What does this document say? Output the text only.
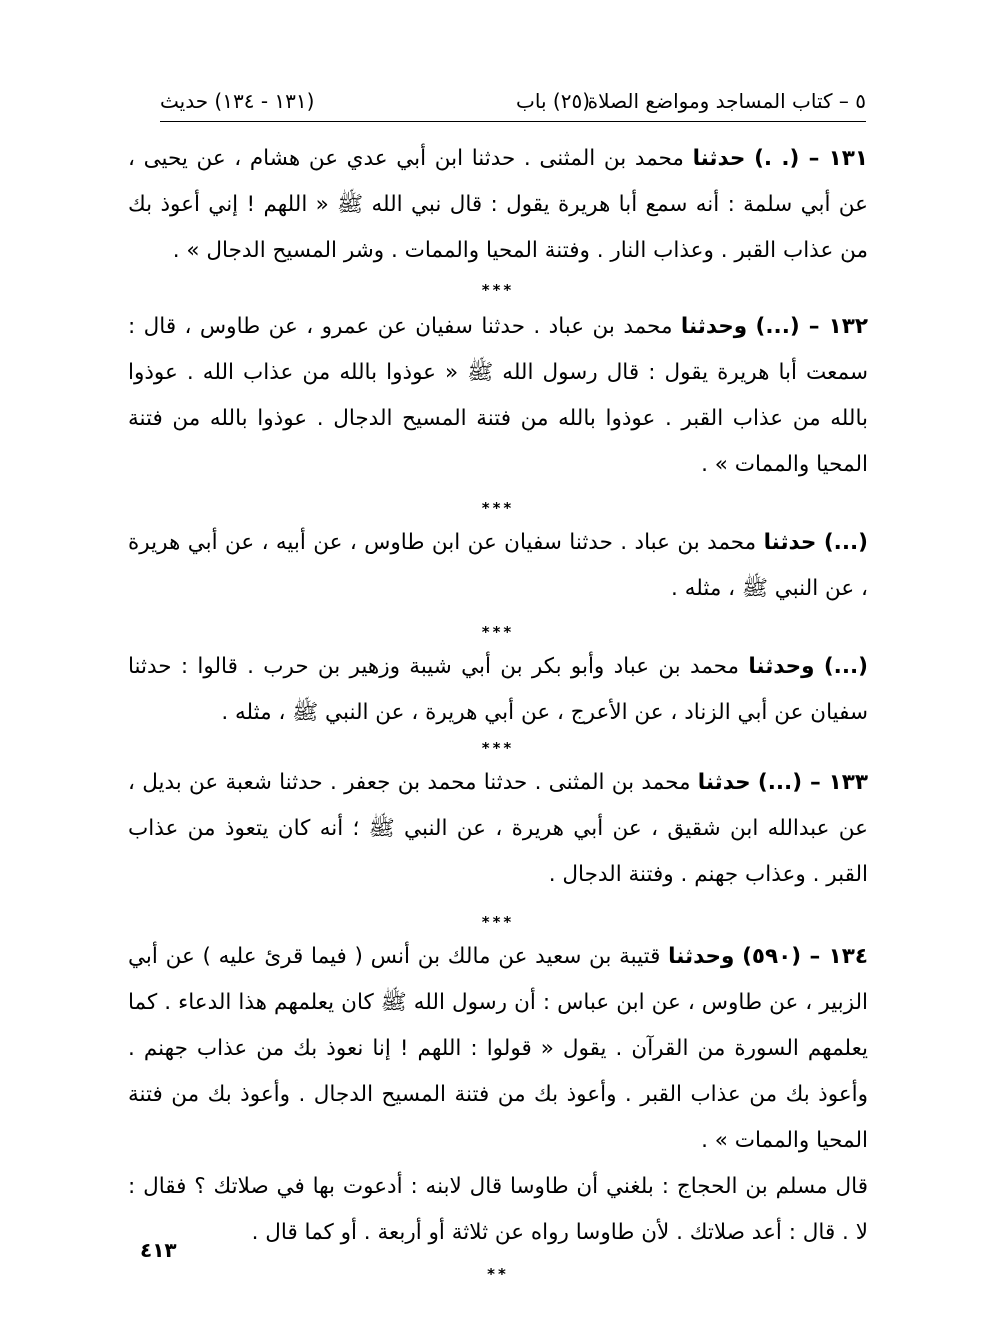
٥ – كتاب المساجد ومواضع الصلاة
(٢٥) باب
(١٣١ - ١٣٤) حديث

١٣١ – (. .) حدثنا محمد بن المثنى . حدثنا ابن أبي عدي عن هشام ، عن يحيى ، عن أبي سلمة : أنه سمع أبا هريرة يقول : قال نبي الله ﷺ « اللهم ! إني أعوذ بك من عذاب القبر . وعذاب النار . وفتنة المحيا والممات . وشر المسيح الدجال » .

***

١٣٢ – (...) وحدثنا محمد بن عباد . حدثنا سفيان عن عمرو ، عن طاوس ، قال : سمعت أبا هريرة يقول : قال رسول الله ﷺ « عوذوا بالله من عذاب الله . عوذوا بالله من عذاب القبر . عوذوا بالله من فتنة المسيح الدجال . عوذوا بالله من فتنة المحيا والممات » .

***

(...) حدثنا محمد بن عباد . حدثنا سفيان عن ابن طاوس ، عن أبيه ، عن أبي هريرة ، عن النبي ﷺ ، مثله .

***

(...) وحدثنا محمد بن عباد وأبو بكر بن أبي شيبة وزهير بن حرب . قالوا : حدثنا سفيان عن أبي الزناد ، عن الأعرج ، عن أبي هريرة ، عن النبي ﷺ ، مثله .

***

١٣٣ – (...) حدثنا محمد بن المثنى . حدثنا محمد بن جعفر . حدثنا شعبة عن بديل ، عن عبدالله ابن شقيق ، عن أبي هريرة ، عن النبي ﷺ ؛ أنه كان يتعوذ من عذاب القبر . وعذاب جهنم . وفتنة الدجال .

***

١٣٤ – (٥٩٠) وحدثنا قتيبة بن سعيد عن مالك بن أنس ( فيما قرئ عليه ) عن أبي الزبير ، عن طاوس ، عن ابن عباس : أن رسول الله ﷺ كان يعلمهم هذا الدعاء . كما يعلمهم السورة من القرآن . يقول « قولوا : اللهم ! إنا نعوذ بك من عذاب جهنم . وأعوذ بك من عذاب القبر . وأعوذ بك من فتنة المسيح الدجال . وأعوذ بك من فتنة المحيا والممات » .

قال مسلم بن الحجاج : بلغني أن طاوسا قال لابنه : أدعوت بها في صلاتك ؟ فقال : لا . قال : أعد صلاتك . لأن طاوسا رواه عن ثلاثة أو أربعة . أو كما قال .

**
٤١٣
